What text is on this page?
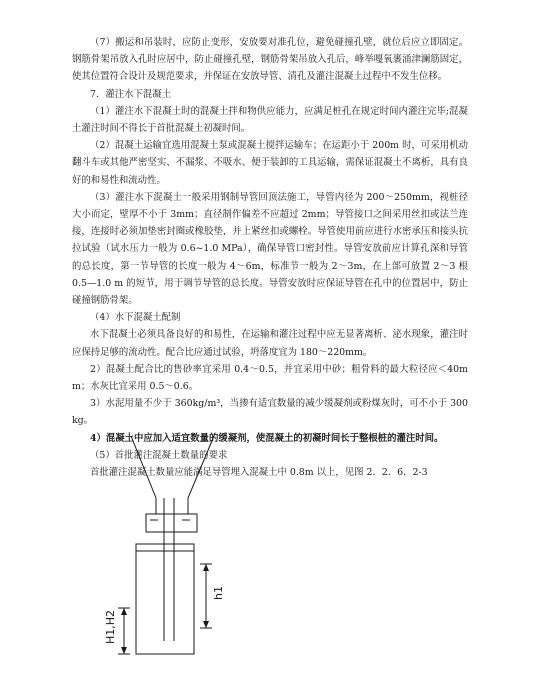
（7）搬运和吊装时，应防止变形，安放要对准孔位，避免碰撞孔壁，就位后应立即固定。钢筋骨架吊放入孔时应居中，防止碰撞孔壁，钢筋骨架吊放入孔后，峰举嘎氧裹涌津澜筋固定，使其位置符合设计及规范要求，并保证在安放导管、清孔及灌注混凝土过程中不发生位移。

7．灌注水下混凝土

（1）灌注水下混凝土时的混凝土拌和物供应能力，应满足桩孔在规定时间内灌注完毕;混凝土灌注时间不得长于首批混凝土初凝时间。

（2）混凝土运输宜选用混凝土泵或混凝土搅拌运输车；在运距小于 200m 时，可采用机动翻斗车或其他严密坚实、不漏浆、不吸水、便于装卸的工具运输，需保证混凝土不离析，具有良好的和易性和流动性。

（3）灌注水下混凝土一般采用钢制导管回顶法施工，导管内径为 200～250mm，视桩径大小而定，壁厚不小于 3mm；直径制作偏差不应超过 2mm；导管接口之间采用丝扣或法兰连接，连接时必须加垫密封圈或橡胶垫，并上紧丝扣或螺栓。导管使用前应进行水密承压和接头抗拉试验（试水压力一般为 0.6~1.0 MPa），确保导管口密封性。导管安放前应计算孔深和导管的总长度，第一节导管的长度一般为 4～6m，标准节一般为 2～3m，在上部可放置 2～3 根 0.5—1.0 m 的短节，用于调节导管的总长度。导管安放时应保证导管在孔中的位置居中，防止碰撞钢筋骨架。

（4）水下混凝土配制

水下混凝土必须具备良好的和易性，在运输和灌注过程中应无显著离析、泌水现象，灌注时应保持足够的流动性。配合比应通过试验，坍落度宜为 180～220mm。

2）混凝土配合比的售砂率宜采用 0.4～0.5，并宜采用中砂；粗骨料的最大粒径应＜40mm；水灰比宜采用 0.5～0.6。

3）水泥用量不少于 360kg/m³，当掺有适宜数量的减少缓凝剂或粉煤灰时，可不小于 300kg。

4）混凝土中应加入适宜数量的缓凝剂，使混凝土的初凝时间长于整根桩的灌注时间。

（5）首批灌注混凝土数量的要求

首批灌注混凝土数量应能满足导管埋入混凝土中 0.8m 以上，见图 2．2．6．2-3

h1
H1,H2
